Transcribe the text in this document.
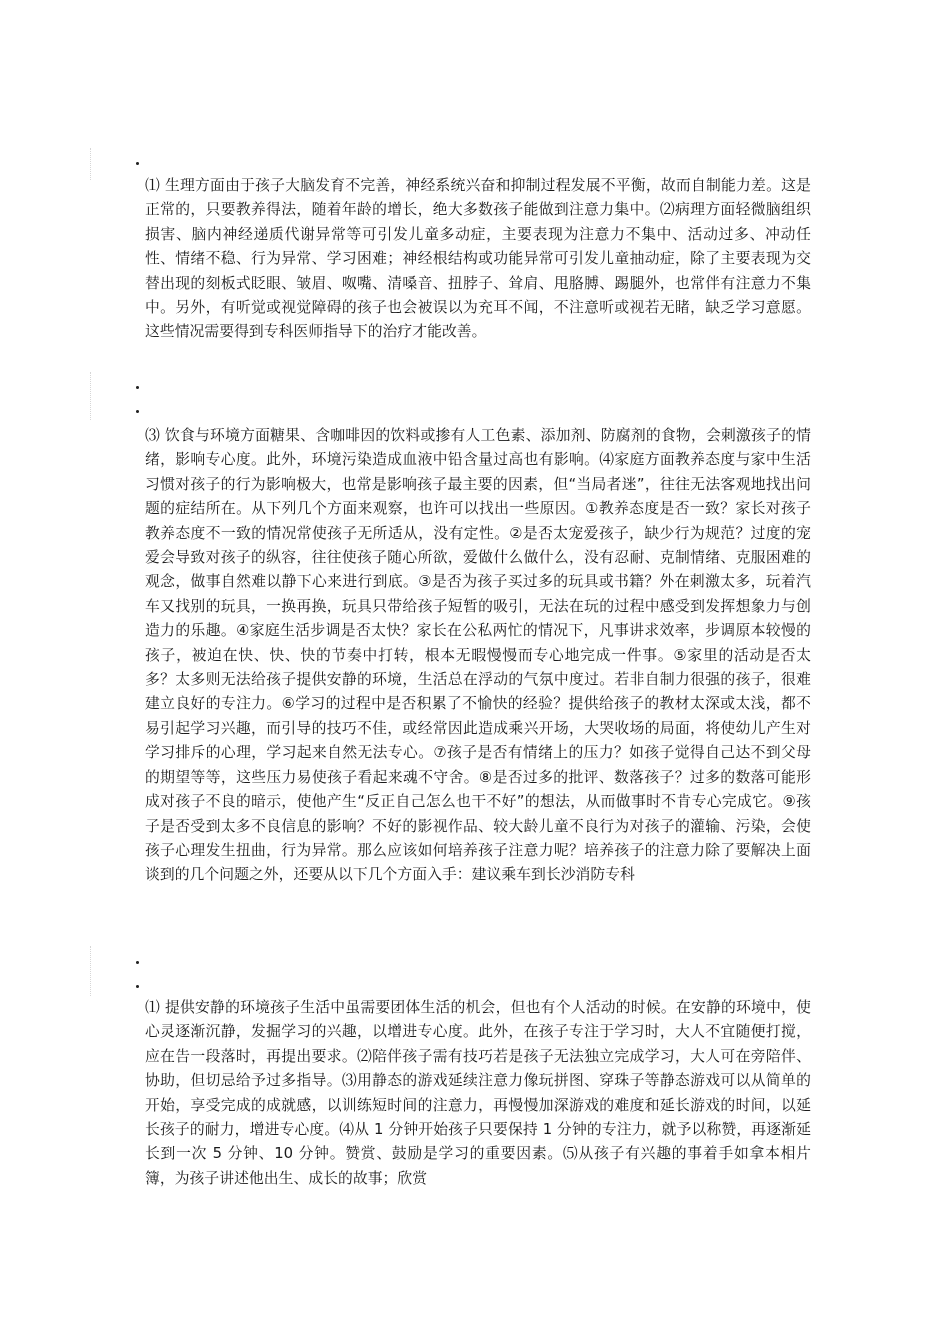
⑴ 生理方面由于孩子大脑发育不完善，神经系统兴奋和抑制过程发展不平衡，故而自制能力差。这是正常的，只要教养得法，随着年龄的增长，绝大多数孩子能做到注意力集中。⑵病理方面轻微脑组织损害、脑内神经递质代谢异常等可引发儿童多动症，主要表现为注意力不集中、活动过多、冲动任性、情绪不稳、行为异常、学习困难；神经根结构或功能异常可引发儿童抽动症，除了主要表现为交替出现的刻板式眨眼、皱眉、呶嘴、清嗓音、扭脖子、耸肩、甩胳膊、踢腿外，也常伴有注意力不集中。另外，有听觉或视觉障碍的孩子也会被误以为充耳不闻，不注意听或视若无睹，缺乏学习意愿。这些情况需要得到专科医师指导下的治疗才能改善。

⑶ 饮食与环境方面糖果、含咖啡因的饮料或掺有人工色素、添加剂、防腐剂的食物，会刺激孩子的情绪，影响专心度。此外，环境污染造成血液中铅含量过高也有影响。⑷家庭方面教养态度与家中生活习惯对孩子的行为影响极大，也常是影响孩子最主要的因素，但“当局者迷”，往往无法客观地找出问题的症结所在。从下列几个方面来观察，也许可以找出一些原因。①教养态度是否一致？家长对孩子教养态度不一致的情况常使孩子无所适从，没有定性。②是否太宠爱孩子，缺少行为规范？过度的宠爱会导致对孩子的纵容，往往使孩子随心所欲，爱做什么做什么，没有忍耐、克制情绪、克服困难的观念，做事自然难以静下心来进行到底。③是否为孩子买过多的玩具或书籍？外在刺激太多，玩着汽车又找别的玩具，一换再换，玩具只带给孩子短暂的吸引，无法在玩的过程中感受到发挥想象力与创造力的乐趣。④家庭生活步调是否太快？家长在公私两忙的情况下，凡事讲求效率，步调原本较慢的孩子，被迫在快、快、快的节奏中打转，根本无暇慢慢而专心地完成一件事。⑤家里的活动是否太多？太多则无法给孩子提供安静的环境，生活总在浮动的气氛中度过。若非自制力很强的孩子，很难建立良好的专注力。⑥学习的过程中是否积累了不愉快的经验？提供给孩子的教材太深或太浅，都不易引起学习兴趣，而引导的技巧不佳，或经常因此造成乘兴开场，大哭收场的局面，将使幼儿产生对学习排斥的心理，学习起来自然无法专心。⑦孩子是否有情绪上的压力？如孩子觉得自己达不到父母的期望等等，这些压力易使孩子看起来魂不守舍。⑧是否过多的批评、数落孩子？过多的数落可能形成对孩子不良的暗示，使他产生“反正自己怎么也干不好”的想法，从而做事时不肯专心完成它。⑨孩子是否受到太多不良信息的影响？不好的影视作品、较大龄儿童不良行为对孩子的灌输、污染，会使孩子心理发生扭曲，行为异常。那么应该如何培养孩子注意力呢？培养孩子的注意力除了要解决上面谈到的几个问题之外，还要从以下几个方面入手：建议乘车到长沙消防专科

⑴ 提供安静的环境孩子生活中虽需要团体生活的机会，但也有个人活动的时候。在安静的环境中，使心灵逐渐沉静，发掘学习的兴趣，以增进专心度。此外，在孩子专注于学习时，大人不宜随便打搅，应在告一段落时，再提出要求。⑵陪伴孩子需有技巧若是孩子无法独立完成学习，大人可在旁陪伴、协助，但切忌给予过多指导。⑶用静态的游戏延续注意力像玩拼图、穿珠子等静态游戏可以从简单的开始，享受完成的成就感，以训练短时间的注意力，再慢慢加深游戏的难度和延长游戏的时间，以延长孩子的耐力，增进专心度。⑷从 1 分钟开始孩子只要保持 1 分钟的专注力，就予以称赞，再逐渐延长到一次 5 分钟、10 分钟。赞赏、鼓励是学习的重要因素。⑸从孩子有兴趣的事着手如拿本相片簿，为孩子讲述他出生、成长的故事；欣赏
